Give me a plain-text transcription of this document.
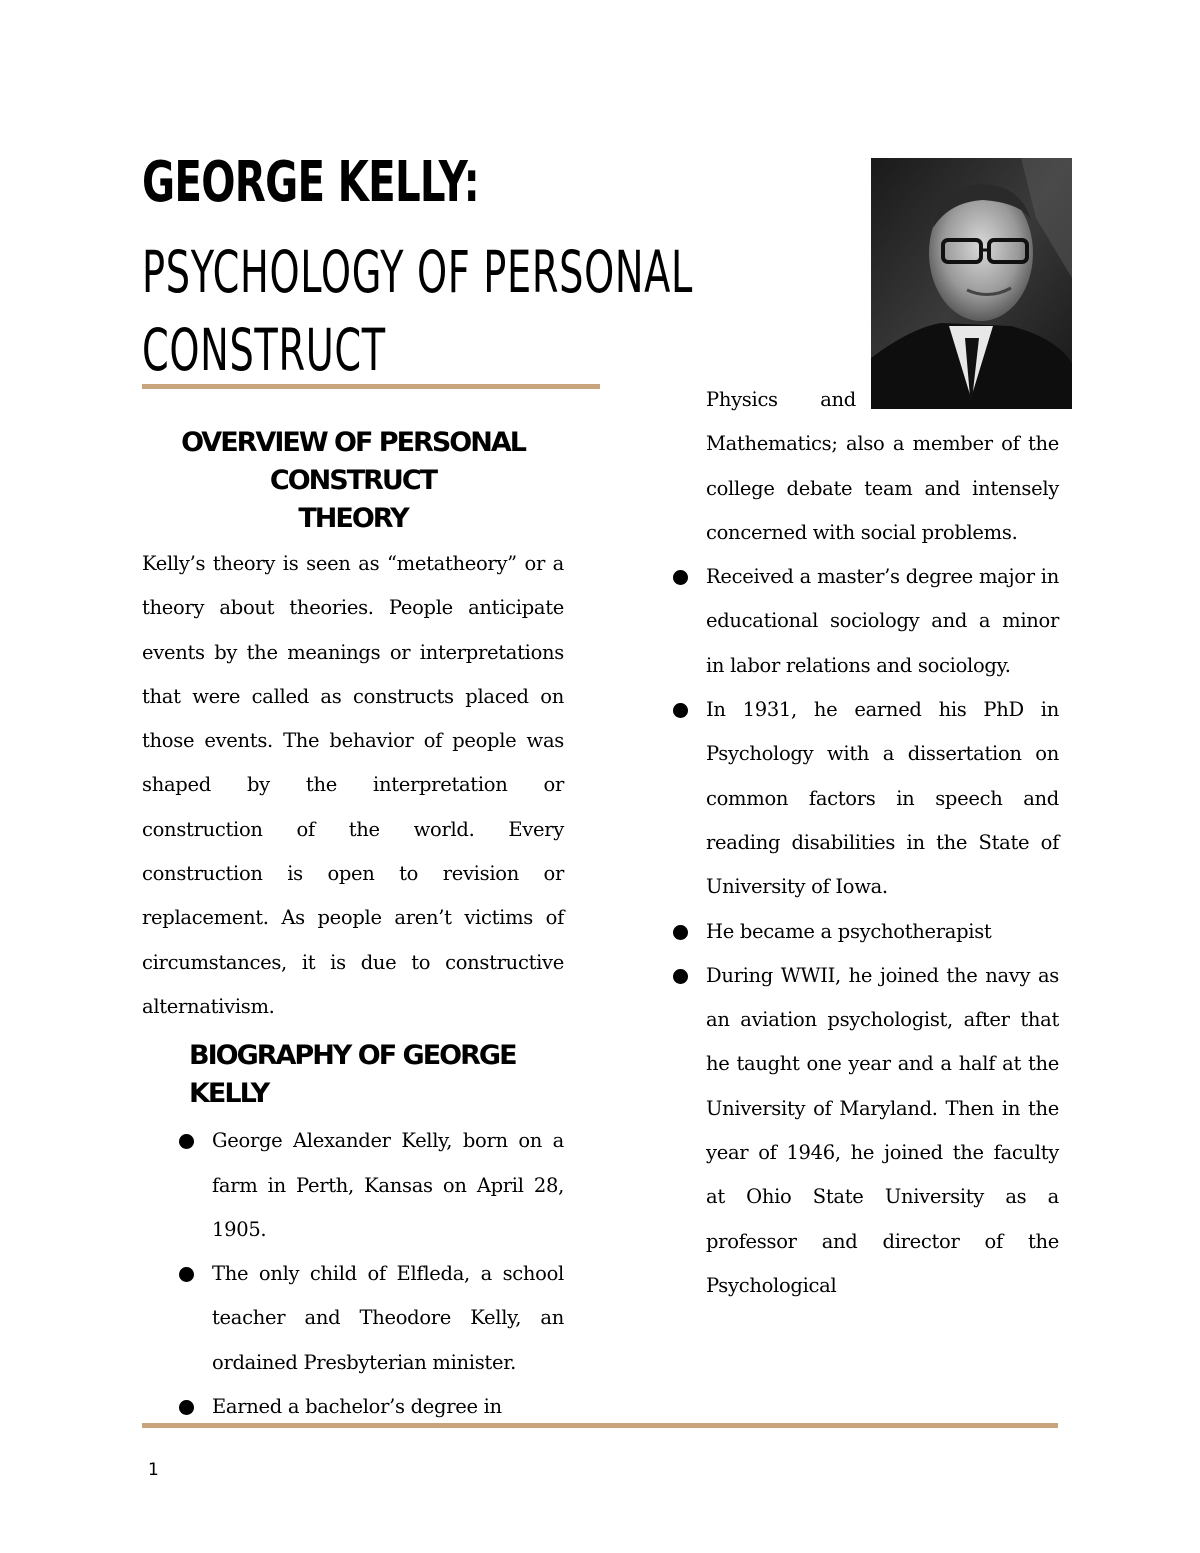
GEORGE KELLY:
PSYCHOLOGY OF PERSONAL
CONSTRUCT
OVERVIEW OF PERSONAL CONSTRUCT
THEORY

Kelly’s theory is seen as “metatheory” or a theory about theories. People anticipate events by the meanings or interpretations that were called as constructs placed on those events. The behavior of people was shaped by the interpretation or construction of the world. Every construction is open to revision or replacement. As people aren’t victims of circumstances, it is due to constructive alternativism.

BIOGRAPHY OF GEORGE KELLY
George Alexander Kelly, born on a farm in Perth, Kansas on April 28, 1905.
The only child of Elfleda, a school teacher and Theodore Kelly, an ordained Presbyterian minister.
Earned a bachelor’s degree in
Physics and
Mathematics; also a member of the college debate team and intensely concerned with social problems.
Received a master’s degree major in educational sociology and a minor in labor relations and sociology.
In 1931, he earned his PhD in Psychology with a dissertation on common factors in speech and reading disabilities in the State of University of Iowa.
He became a psychotherapist
During WWII, he joined the navy as an aviation psychologist, after that he taught one year and a half at the University of Maryland. Then in the year of 1946, he joined the faculty at Ohio State University as a professor and director of the Psychological
1
